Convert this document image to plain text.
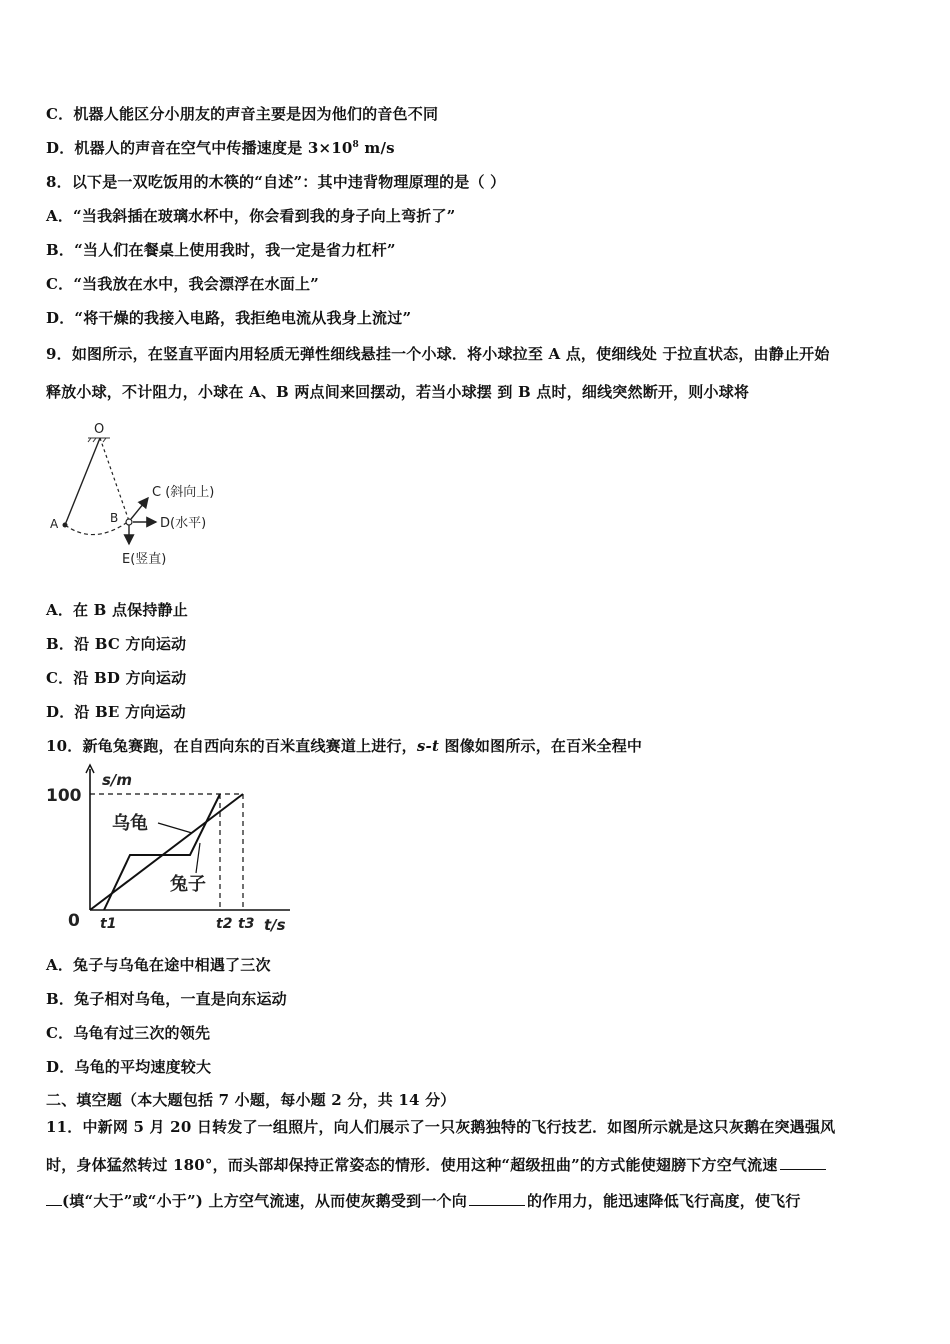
C．机器人能区分小朋友的声音主要是因为他们的音色不同
D．机器人的声音在空气中传播速度是 $3\times 10^8$ m/s
8．以下是一双吃饭用的木筷的“自述”：其中违背物理原理的是（ ）
A．“当我斜插在玻璃水杯中，你会看到我的身子向上弯折了”
B．“当人们在餐桌上使用我时，我一定是省力杠杆”
C．“当我放在水中，我会漂浮在水面上”
D．“将干燥的我接入电路，我拒绝电流从我身上流过”
9．如图所示，在竖直平面内用轻质无弹性细线悬挂一个小球．将小球拉至 A 点，使细线处 于拉直状态，由静止开始
释放小球，不计阻力，小球在 A、B 两点间来回摆动，若当小球摆 到 B 点时，细线突然断开，则小球将
O
A	B
C (斜向上)
D(水平)
E(竖直)
A．在 B 点保持静止
B．沿 BC 方向运动
C．沿 BD 方向运动
D．沿 BE 方向运动
10．新龟兔赛跑，在自西向东的百米直线赛道上进行，s-t 图像如图所示，在百米全程中
s/m
100
0
乌龟
兔子
t1	t2 t3 t/s
A．兔子与乌龟在途中相遇了三次
B．兔子相对乌龟，一直是向东运动
C．乌龟有过三次的领先
D．乌龟的平均速度较大
二、填空题（本大题包括 7 小题，每小题 2 分，共 14 分）
11．中新网 5 月 20 日转发了一组照片，向人们展示了一只灰鹅独特的飞行技艺．如图所示就是这只灰鹅在突遇强风
时，身体猛然转过 180°，而头部却保持正常姿态的情形．使用这种“超级扭曲”的方式能使翅膀下方空气流速
(填“大于”或“小于”) 上方空气流速，从而使灰鹅受到一个向	的作用力，能迅速降低飞行高度，使飞行
